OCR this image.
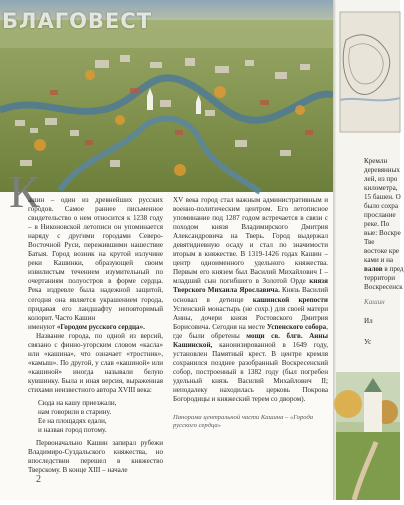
БЛАГОВЕСТ
К

ашин – один из древнейших русских городов. Самое раннее письменное свидетельство о нем относится к 1238 году – в Никоновской летописи он упоминается наряду с другими городами Северо-Восточной Руси, пережившими нашествие Батыя. Город возник на крутой излучине реки Кашинки, образующей своим извилистым течением изумительный по очертаниям полуостров в форме сердца. Река издревле была надежной защитой, сегодня она является украшением города, придавая его ландшафту неповторимый колорит. Часто Кашин

именуют «Городом русского сердца».

Название города, по одной из версий, связано с финно-угорским словом «касла» или «кашина», что означает «тростник», «камыш». По другой, у слав «кашиной» или «кашиной» иногда называли белую кувшинку. Была и иная версия, выраженная стихами неизвестного автора XVIII века:

Сюда на кашу приезжали,
нам говорили в старину.
Ее на площадях едали,
и назван город потому.

Первоначально Кашин запирал рубежи Владимиро-Суздальского княжества, но впоследствии перешел в княжество Тверскому. В конце XIII – начале

XV века город стал важным административным и военно-политическим центром. Его летописное упоминание под 1287 годом встречается в связи с походом князя Владимирского Дмитрия Александровича на Тверь. Город выдержал девятидневную осаду и стал по значимости вторым в княжестве. В 1319-1426 годах Кашин – центр одноименного удельного княжества. Первым его князем был Василий Михайлович I – младший сын погибшего в Золотой Орде князя Тверского Михаила Ярославича. Князь Василий основал в детинце кашинской крепости Успенский монастырь (не сохр.) для своей матери Анны, дочери князя Ростовского Дмитрия Борисовича. Сегодня на месте Успенского собора, где были обретены мощи св. блгв. Анны Кашинской, канонизированной в 1649 году, установлен Памятный крест. В центре кремля сохранился позднее разобранный Воскресенский собор, построенный в 1382 году (был погребен удельный князь Василий Михайлович II; неподалеку находилась церковь Покрова Богородицы и княжеский терем со двором).

Панорама центральной части Кашина – «Города русского сердца»

2
Кремлн
деревянных
лей, из про
километра,
15 башен. О
было сохра
прослание
реке. По
вые: Воскре
Тве
востоке кре
ками и на
валов в пред
территори
Воскресенск
Кашин
Ил
Ус
